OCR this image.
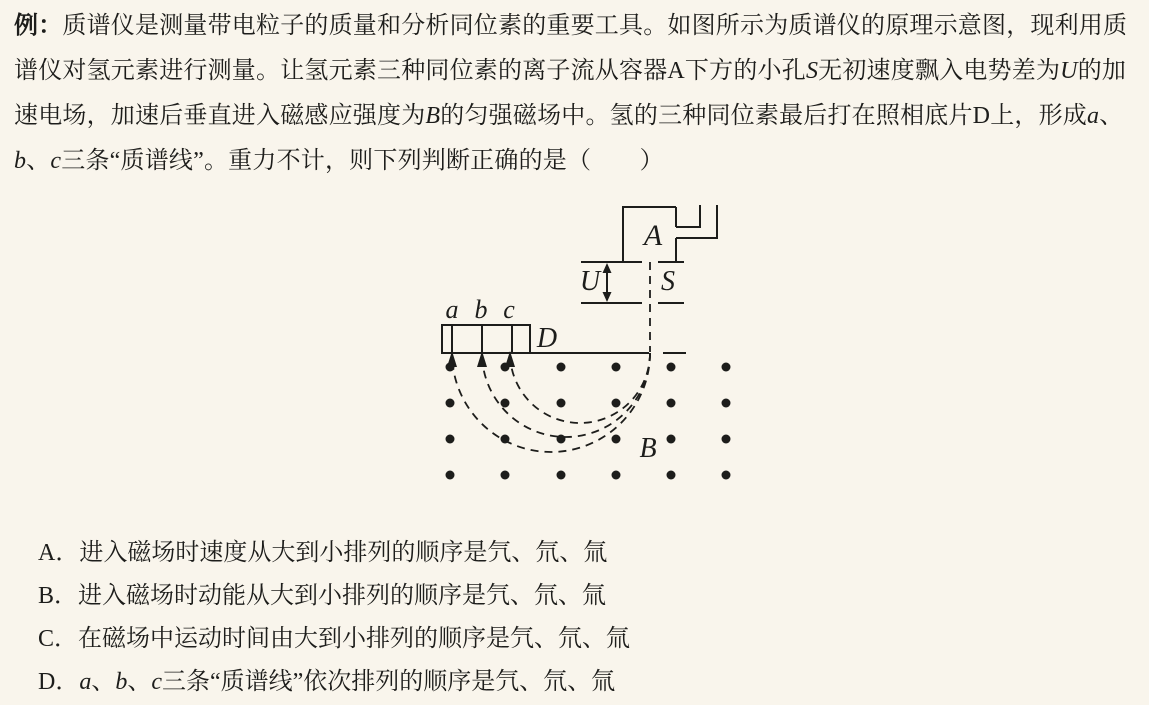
例：质谱仪是测量带电粒子的质量和分析同位素的重要工具。如图所示为质谱仪的原理示意图，现利用质
谱仪对氢元素进行测量。让氢元素三种同位素的离子流从容器A下方的小孔S无初速度飘入电势差为U的加
速电场，加速后垂直进入磁感应强度为B的匀强磁场中。氢的三种同位素最后打在照相底片D上，形成a、
b、c三条“质谱线”。重力不计，则下列判断正确的是（　　）
A
U S
D
B
a b c
A．进入磁场时速度从大到小排列的顺序是氕、氘、氚
B．进入磁场时动能从大到小排列的顺序是氕、氘、氚
C．在磁场中运动时间由大到小排列的顺序是氕、氘、氚
D．a、b、c三条“质谱线”依次排列的顺序是氕、氘、氚
